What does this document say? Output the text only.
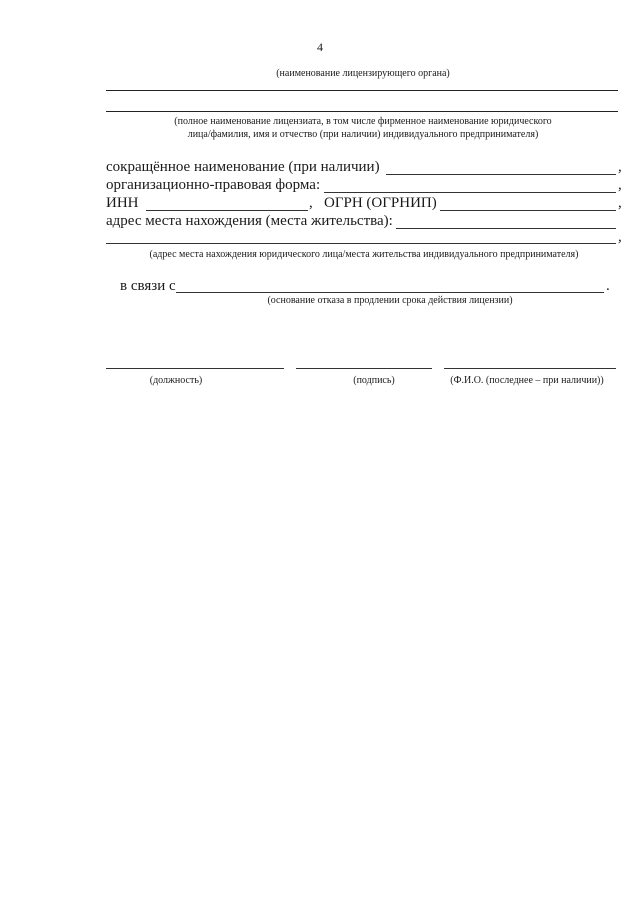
4
(наименование лицензирующего органа)
(полное наименование лицензиата, в том числе фирменное наименование юридического
лица/фамилия, имя и отчество (при наличии) индивидуального предпринимателя)
сокращённое наименование (при наличии)	,
организационно-правовая форма:	,
ИНН	, ОГРН (ОГРНИП)	,
адрес места нахождения (места жительства):
,
(адрес места нахождения юридического лица/места жительства индивидуального предпринимателя)
в связи с	.
(основание отказа в продлении срока действия лицензии)
(должность)	(подпись)	(Ф.И.О. (последнее – при наличии))
